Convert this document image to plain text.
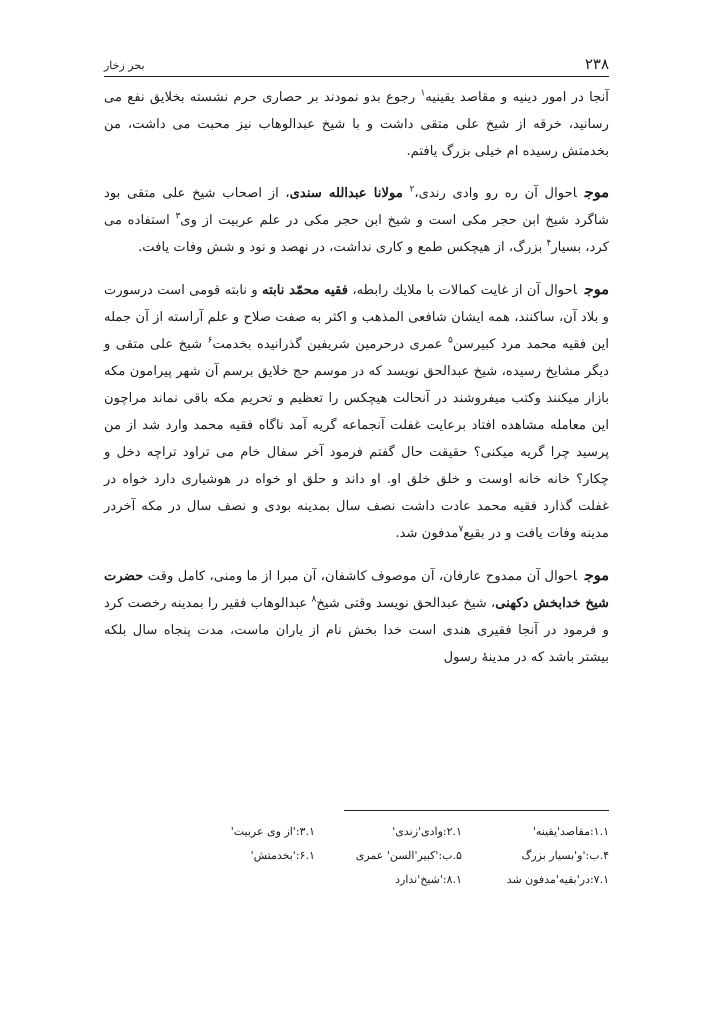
۲۳۸
بحر زخار

آنجا در امور دینیه و مقاصد یقینیه$^۱$ رجوع بدو نمودند بر حصاری حرم نشسته بخلایق نفع می رسانید، خرقه از شیخ علی متقی داشت و با شیخ عبدالوهاب نیز محبت می داشت، من بخدمتش رسیده ام خیلی بزرگ یافتم.

موجاحوال آن ره رو وادی رندی،$^۲$ مولانا عبدالله سندی، از اصحاب شیخ علی متقی بود شاگرد شیخ ابن حجر مکی است و شیخ ابن حجر مکی در علم عربیت از وی$^۳$ استفاده می کرد، بسیار$^۴$ بزرگ، از هیچکس طمع و کاری نداشت، در نهصد و نود و شش وفات یافت.

موجاحوال آن از غایت کمالات با ملایك رابطه، فقیه محمّد نابته و نابته قومی است درسورت و بلاد آن، ساکنند، همه ایشان شافعی المذهب و اکثر به صفت صلاح و علم آراسته از آن جمله این فقیه محمد مرد کبیرسن$^۵$ عمری درحرمین شریفین گذرانیده بخدمت$^۶$ شیخ علی متقی و دیگر مشایخ رسیده، شیخ عبدالحق نویسد که در موسم حج خلایق برسم آن شهر پیرامون مکه بازار میکنند وکتب میفروشند در آنحالت هیچکس را تعظیم و تحریم مکه باقی نماند مراچون این معامله مشاهده افتاد برعایت غفلت آنجماعه گریه آمد ناگاه فقیه محمد وارد شد از من پرسید چرا گریه میکنی؟ حقیقت حال گفتم فرمود آخر سفال خام می تراود تراچه دخل و چکار؟ خانه خانه اوست و خلق خلق او. او داند و حلق او خواه در هوشیاری دارد خواه در غفلت گذارد فقیه محمد عادت داشت نصف سال بمدینه بودی و نصف سال در مکه آخردر مدینه وفات یافت و در بقیع$^۷$مدفون شد.

موجاحوال آن ممدوح عارفان، آن موصوف کاشفان، آن مبرا از ما ومنی، کامل وقت حضرت شیخ خدابخش دکهنی، شیخ عبدالحق نویسد وقتی شیخ$^۸$ عبدالوهاب فقیر را بمدینه رخصت کرد و فرمود در آنجا فقیری هندی است خدا بخش نام از یاران ماست، مدت پنجاه سال بلکه بیشتر باشد که در مدینهٔ رسول

۱.۱:مقاصد'یقینه'
۲.۱:وادی'زندی'
۳.۱:'از وی عربیت'
۴.ب:'و'بسیار بزرگ
۵.ب:'کبیر'السن' عمری
۶.۱:'بخدمتش'
۷.۱:در'بقیه'مدفون شد
۸.۱:'شیخ'ندارد
